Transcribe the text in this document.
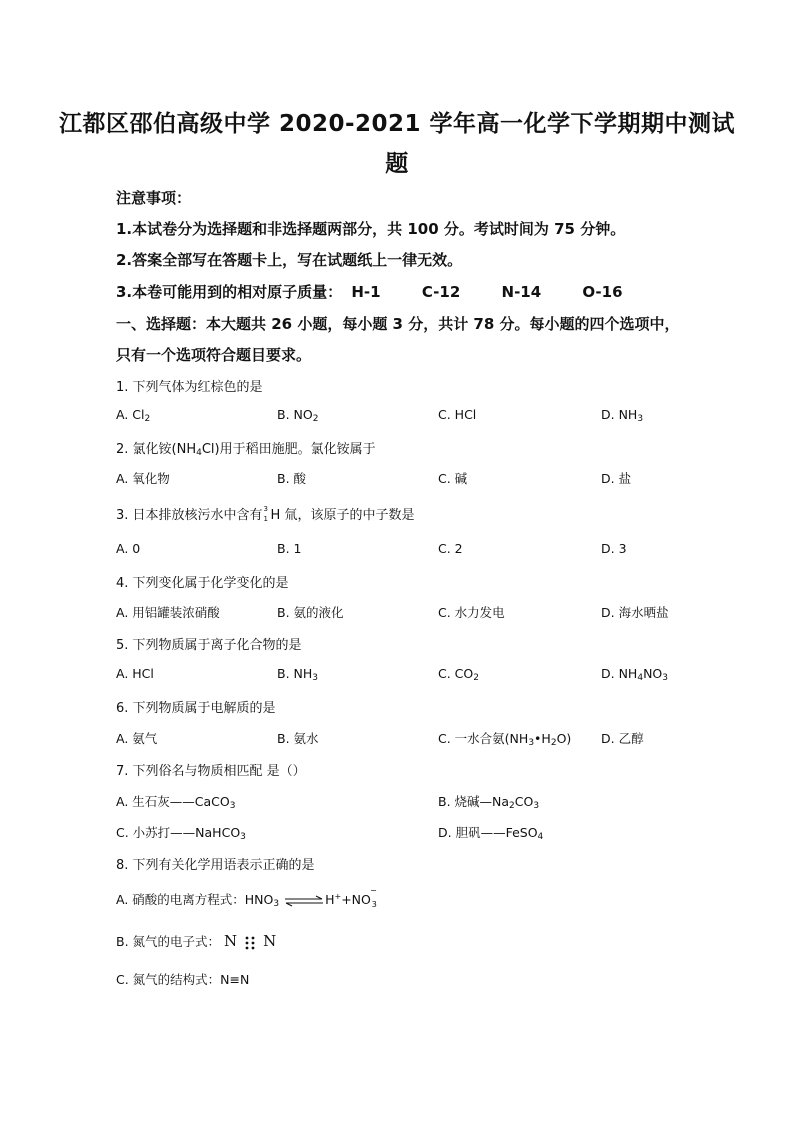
江都区邵伯高级中学 2020-2021 学年高一化学下学期期中测试
题
注意事项：
1.本试卷分为选择题和非选择题两部分，共 100 分。考试时间为 75 分钟。
2.答案全部写在答题卡上，写在试题纸上一律无效。
3.本卷可能用到的相对原子质量： H-1	C-12	N-14	O-16
一、选择题：本大题共 26 小题，每小题 3 分，共计 78 分。每小题的四个选项中，
只有一个选项符合题目要求。
1. 下列气体为红棕色的是
A. $Cl_2$	B. $NO_2$	C. HCl	D. $NH_3$
2. 氯化铵$(NH_4Cl)$用于稻田施肥。氯化铵属于
A. 氧化物	B. 酸	C. 碱	D. 盐
3. 日本排放核污水中含有 3
1 H 氚，该原子的中子数是
A. 0	B. 1	C. 2	D. 3
4. 下列变化属于化学变化的是
A. 用铝罐装浓硝酸	B. 氨的液化	C. 水力发电	D. 海水晒盐
5. 下列物质属于离子化合物的是
A. HCl	B. $NH_3$	C. $CO_2$	D. $NH_4NO_3$
6. 下列物质属于电解质的是
A. 氨气	B. 氨水	C. 一水合氨$(NH_3•H_2O)$ D. 乙醇
7. 下列俗名与物质相匹配 是（）
A. 生石灰——CaCO$_3$	B. 烧碱$—Na_2CO_3$
C. 小苏打——NaHCO$_3$	D. 胆矾——FeSO$_4$
8. 下列有关化学用语表示正确的是
A. 硝酸的电离方程式：$HNO_3$ ⇌H++NO
−
3
B. 氮气的电子式： N N
C. 氮气的结构式：N≡N
